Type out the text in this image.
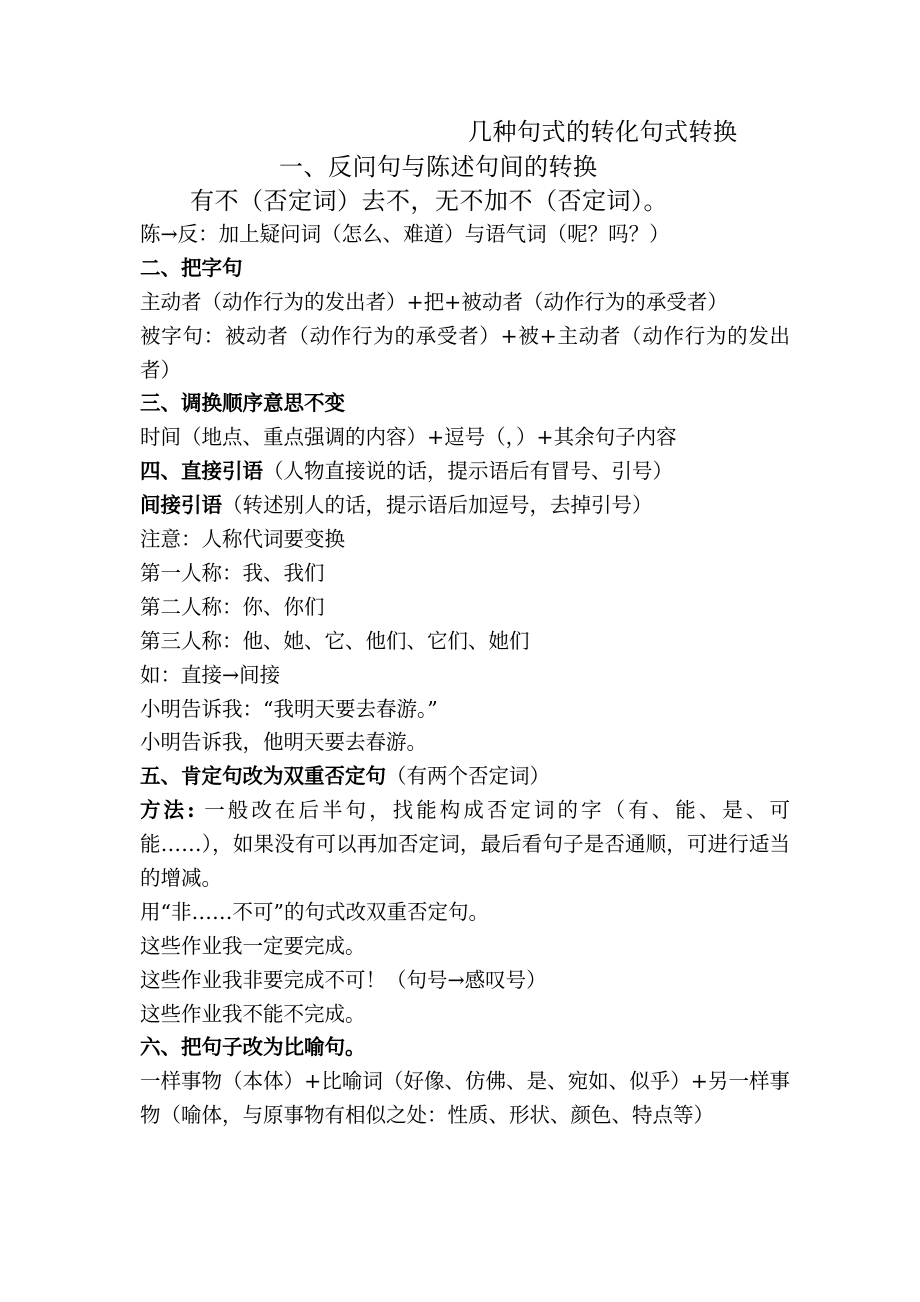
几种句式的转化句式转换
一、反问句与陈述句间的转换
有不（否定词）去不，无不加不（否定词）。
陈→反：加上疑问词（怎么、难道）与语气词（呢？吗？）
二、把字句
主动者（动作行为的发出者）+把+被动者（动作行为的承受者）
被字句：被动者（动作行为的承受者）+被+主动者（动作行为的发出者）
三、调换顺序意思不变
时间（地点、重点强调的内容）+逗号（，）+其余句子内容
四、直接引语（人物直接说的话，提示语后有冒号、引号）
间接引语（转述别人的话，提示语后加逗号，去掉引号）
注意：人称代词要变换
第一人称：我、我们
第二人称：你、你们
第三人称：他、她、它、他们、它们、她们
如：直接→间接
小明告诉我：“我明天要去春游。”
小明告诉我，他明天要去春游。
五、肯定句改为双重否定句（有两个否定词）
方法: 一般改在后半句，找能构成否定词的字（有、能、是、可能……），如果没有可以再加否定词，最后看句子是否通顺，可进行适当的增减。
用“非……不可”的句式改双重否定句。
这些作业我一定要完成。
这些作业我非要完成不可！（句号→感叹号）
这些作业我不能不完成。
六、把句子改为比喻句。
一样事物（本体）+比喻词（好像、仿佛、是、宛如、似乎）+另一样事物（喻体，与原事物有相似之处：性质、形状、颜色、特点等）
